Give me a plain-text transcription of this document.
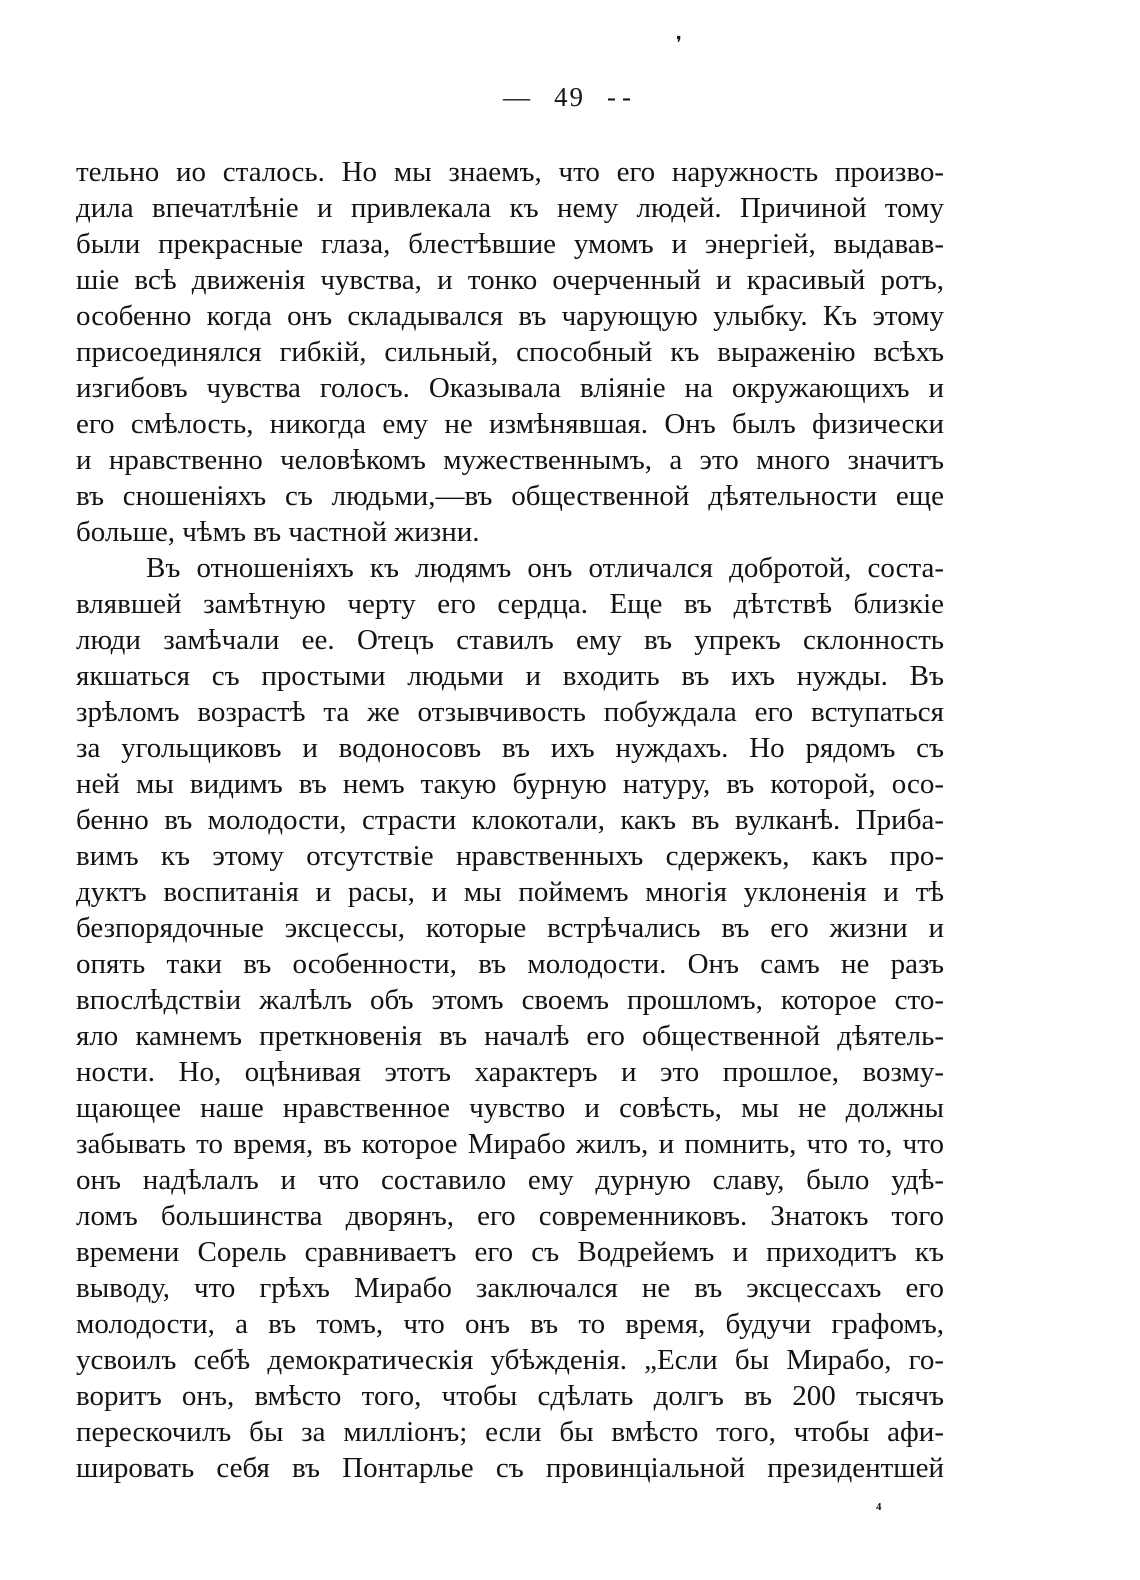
❜
— 49 --
тельно ио сталось. Но мы знаемъ, что его наружность произво-
дила впечатлѣніе и привлекала къ нему людей. Причиной тому
были прекрасные глаза, блестѣвшие умомъ и энергіей, выдавав-
шіе всѣ движенія чувства, и тонко очерченный и красивый ротъ,
особенно когда онъ складывался въ чарующую улыбку. Къ этому
присоединялся гибкій, сильный, способный къ выраженію всѣхъ
изгибовъ чувства голосъ. Оказывала вліяніе на окружающихъ и
его смѣлость, никогда ему не измѣнявшая. Онъ былъ физически
и нравственно человѣкомъ мужественнымъ, а это много значитъ
въ сношеніяхъ съ людьми,—въ общественной дѣятельности еще
больше, чѣмъ въ частной жизни.
Въ отношеніяхъ къ людямъ онъ отличался добротой, соста-
влявшей замѣтную черту его сердца. Еще въ дѣтствѣ близкіе
люди замѣчали ее. Отецъ ставилъ ему въ упрекъ склонность
якшаться съ простыми людьми и входить въ ихъ нужды. Въ
зрѣломъ возрастѣ та же отзывчивость побуждала его вступаться
за угольщиковъ и водоносовъ въ ихъ нуждахъ. Но рядомъ съ
ней мы видимъ въ немъ такую бурную натуру, въ которой, осо-
бенно въ молодости, страсти клокотали, какъ въ вулканѣ. Приба-
вимъ къ этому отсутствіе нравственныхъ сдержекъ, какъ про-
дуктъ воспитанія и расы, и мы поймемъ многія уклоненія и тѣ
безпорядочные эксцессы, которые встрѣчались въ его жизни и
опять таки въ особенности, въ молодости. Онъ самъ не разъ
впослѣдствіи жалѣлъ объ этомъ своемъ прошломъ, которое сто-
яло камнемъ преткновенія въ началѣ его общественной дѣятель-
ности. Но, оцѣнивая этотъ характеръ и это прошлое, возму-
щающее наше нравственное чувство и совѣсть, мы не должны
забывать то время, въ которое Мирабо жилъ, и помнить, что то, что
онъ надѣлалъ и что составило ему дурную славу, было удѣ-
ломъ большинства дворянъ, его современниковъ. Знатокъ того
времени Сорель сравниваетъ его съ Водрейемъ и приходитъ къ
выводу, что грѣхъ Мирабо заключался не въ эксцессахъ его
молодости, а въ томъ, что онъ въ то время, будучи графомъ,
усвоилъ себѣ демократическія убѣжденія. „Если бы Мирабо, го-
воритъ онъ, вмѣсто того, чтобы сдѣлать долгъ въ 200 тысячъ
перескочилъ бы за милліонъ; если бы вмѣсто того, чтобы афи-
шировать себя въ Понтарлье съ провинціальной президентшей
⁴
